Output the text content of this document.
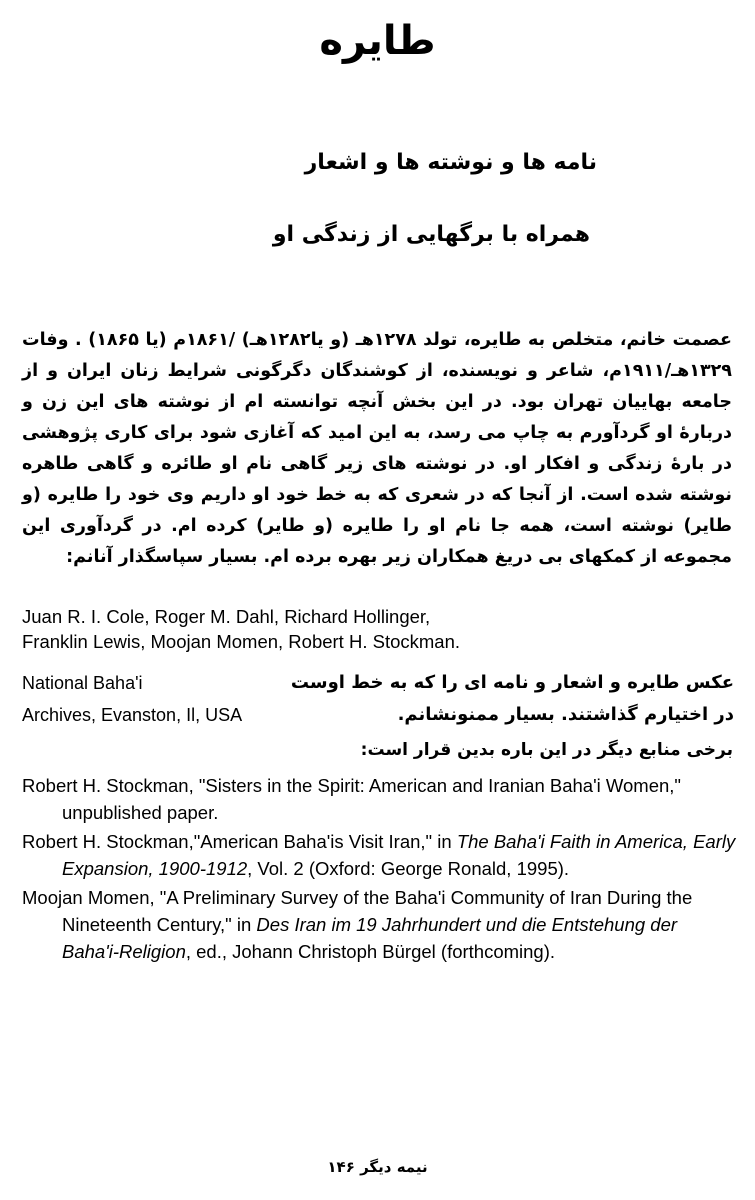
طایره
نامه ها و نوشته ها و اشعار
همراه با برگهایی از زندگی او
عصمت خانم، متخلص به طایره، تولد ۱۲۷۸هـ (و یا۱۲۸۲هـ) /۱۸۶۱م (یا ۱۸۶۵) . وفات ۱۳۲۹هـ/۱۹۱۱م، شاعر و نویسنده، از کوشندگان دگرگونی شرایط زنان ایران و از جامعه بهاییان تهران بود. در این بخش آنچه توانسته ام از نوشته های این زن و دربارهٔ او گردآورم به چاپ می رسد، به این امید که آغازی شود برای کاری پژوهشی در بارهٔ زندگی و افکار او. در نوشته های زیر گاهی نام او طائره و گاهی طاهره نوشته شده است. از آنجا که در شعری که به خط خود او داریم وی خود را طایره (و طایر) نوشته است، همه جا نام او را طایره (و طایر) کرده ام. در گردآوری این مجموعه از کمکهای بی دریغ همکاران زیر بهره برده ام. بسیار سپاسگذار آنانم:
Juan R. I. Cole, Roger M. Dahl, Richard Hollinger,
Franklin Lewis, Moojan Momen, Robert H. Stockman.
عکس طایره و اشعار و نامه ای را که به خط اوست
National Baha'i
در اختیارم گذاشتند. بسیار ممنونشانم.
Archives, Evanston, Il, USA
برخی منابع دیگر در این باره بدین قرار است:
Robert H. Stockman, "Sisters in the Spirit: American and Iranian Baha'i Women," unpublished paper.
Robert H. Stockman,"American Baha'is Visit Iran," in The Baha'i Faith in America, Early Expansion, 1900-1912, Vol. 2 (Oxford: George Ronald, 1995).
Moojan Momen, "A Preliminary Survey of the Baha'i Community of Iran During the Nineteenth Century," in Des Iran im 19 Jahrhundert und die Entstehung der Baha'i-Religion, ed., Johann Christoph Bürgel (forthcoming).
نیمه دیگر ۱۴۶
